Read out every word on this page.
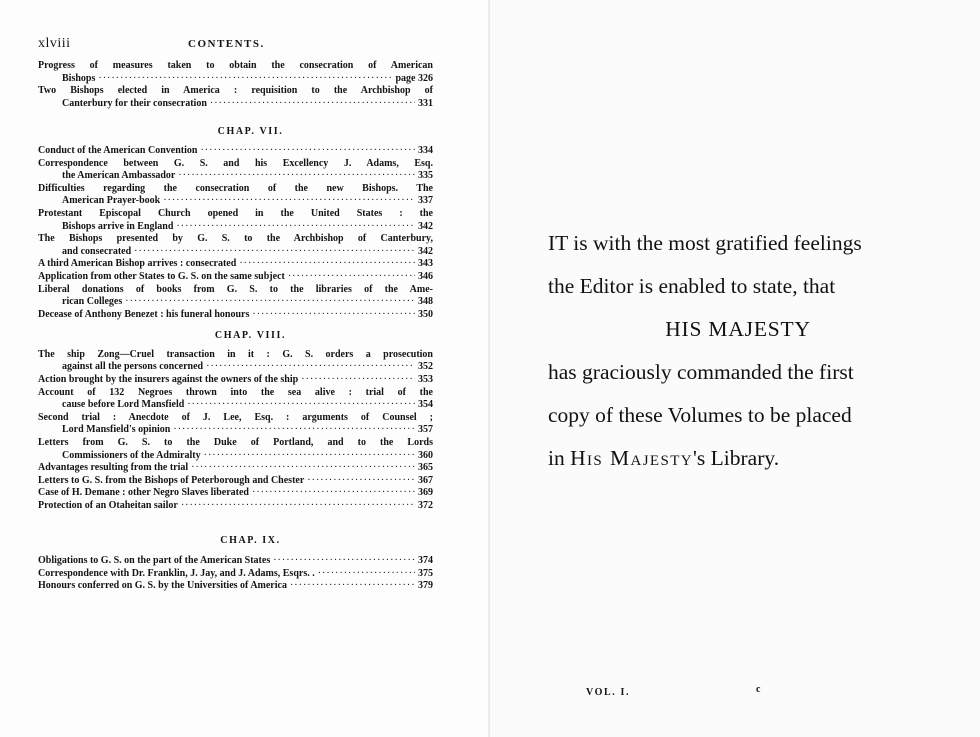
xlviii	CONTENTS.
Progress of measures taken to obtain the consecration of American
Bishops ·····	page 326
Two Bishops elected in America : requisition to the Archbishop of
Canterbury for their consecration ·····	331
CHAP. VII.
Conduct of the American Convention ·····	334
Correspondence between G. S. and his Excellency J. Adams, Esq.
the American Ambassador ·····	335
Difficulties regarding the consecration of the new Bishops. The
American Prayer-book ·····	337
Protestant Episcopal Church opened in the United States : the
Bishops arrive in England ·····	342
The Bishops presented by G. S. to the Archbishop of Canterbury,
and consecrated ·····	342
A third American Bishop arrives : consecrated ·····	343
Application from other States to G. S. on the same subject ·····	346
Liberal donations of books from G. S. to the libraries of the Ame-
rican Colleges ·····	348
Decease of Anthony Benezet : his funeral honours ·····	350
CHAP. VIII.
The ship Zong—Cruel transaction in it : G. S. orders a prosecution
against all the persons concerned ·····	352
Action brought by the insurers against the owners of the ship ·····	353
Account of 132 Negroes thrown into the sea alive : trial of the
cause before Lord Mansfield ·····	354
Second trial : Anecdote of J. Lee, Esq. : arguments of Counsel ;
Lord Mansfield's opinion ·····	357
Letters from G. S. to the Duke of Portland, and to the Lords
Commissioners of the Admiralty ·····	360
Advantages resulting from the trial ·····	365
Letters to G. S. from the Bishops of Peterborough and Chester ·····	367
Case of H. Demane : other Negro Slaves liberated ·····	369
Protection of an Otaheitan sailor ·····	372
CHAP. IX.
Obligations to G. S. on the part of the American States ·····	374
Correspondence with Dr. Franklin, J. Jay, and J. Adams, Esqrs. . ·····	375
Honours conferred on G. S. by the Universities of America ·····	379
IT is with the most gratified feelings
the Editor is enabled to state, that
HIS MAJESTY
has graciously commanded the first
copy of these Volumes to be placed
in His Majesty's Library.
VOL. I.	c
